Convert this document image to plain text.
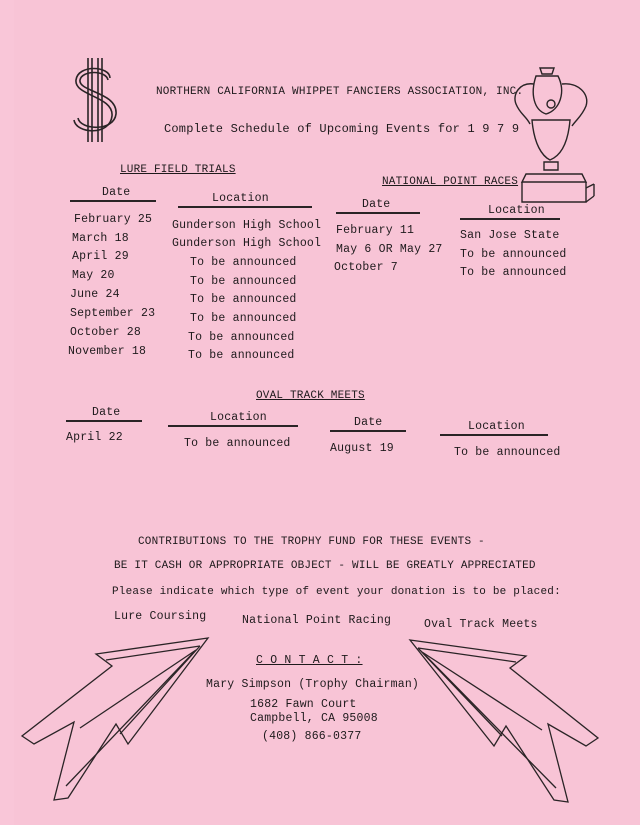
NORTHERN CALIFORNIA WHIPPET FANCIERS ASSOCIATION, INC.
Complete Schedule of Upcoming Events for 1 9 7 9
LURE FIELD TRIALS
Date	Location
February 25 Gunderson High School
March 18	Gunderson High School
April 29	To be announced
May 20	To be announced
June 24	To be announced
September 23	To be announced
October 28	To be announced
November 18	To be announced
NATIONAL POINT RACES
Date	Location
February 11	San Jose State
May 6 OR May 27 To be announced
October 7	To be announced
OVAL TRACK MEETS
Date	Location	Date	Location
April 22	To be announced	August 19	To be announced
CONTRIBUTIONS TO THE TROPHY FUND FOR THESE EVENTS -
BE IT CASH OR APPROPRIATE OBJECT - WILL BE GREATLY APPRECIATED
Please indicate which type of event your donation is to be placed:
Lure Coursing	National Point Racing	Oval Track Meets
C O N T A C T :
Mary Simpson (Trophy Chairman)
1682 Fawn Court
Campbell, CA 95008
(408) 866-0377
